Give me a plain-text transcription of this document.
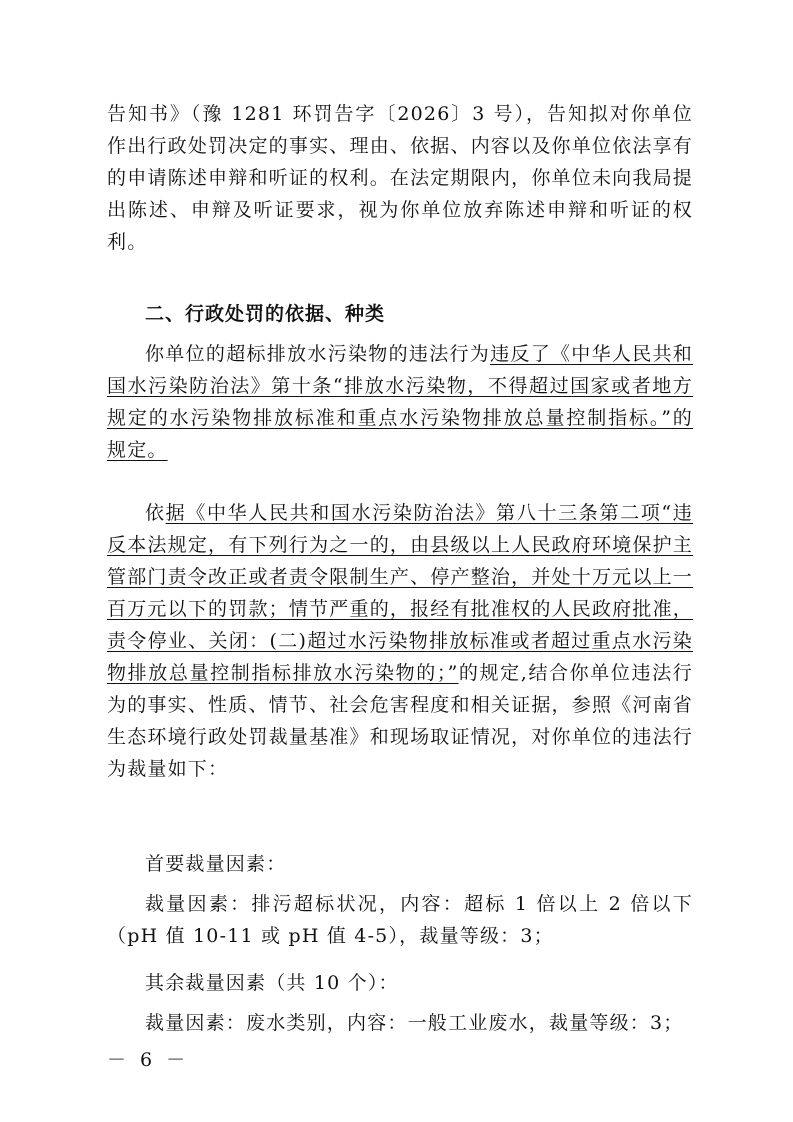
告知书》（豫 1281 环罚告字〔2026〕3 号），告知拟对你单位作出行政处罚决定的事实、理由、依据、内容以及你单位依法享有的申请陈述申辩和听证的权利。在法定期限内，你单位未向我局提出陈述、申辩及听证要求，视为你单位放弃陈述申辩和听证的权利。
二、行政处罚的依据、种类
你单位的超标排放水污染物的违法行为违反了《中华人民共和国水污染防治法》第十条“排放水污染物，不得超过国家或者地方规定的水污染物排放标准和重点水污染物排放总量控制指标。”的规定。
依据《中华人民共和国水污染防治法》第八十三条第二项“违反本法规定，有下列行为之一的，由县级以上人民政府环境保护主管部门责令改正或者责令限制生产、停产整治，并处十万元以上一百万元以下的罚款；情节严重的，报经有批准权的人民政府批准，责令停业、关闭：(二)超过水污染物排放标准或者超过重点水污染物排放总量控制指标排放水污染物的；”的规定,结合你单位违法行为的事实、性质、情节、社会危害程度和相关证据，参照《河南省生态环境行政处罚裁量基准》和现场取证情况，对你单位的违法行为裁量如下：
首要裁量因素：
裁量因素：排污超标状况，内容：超标 1 倍以上 2 倍以下（pH 值 10-11 或 pH 值 4-5），裁量等级：3；
其余裁量因素（共 10 个）：
裁量因素：废水类别，内容：一般工业废水，裁量等级：3；
－ 6 －
